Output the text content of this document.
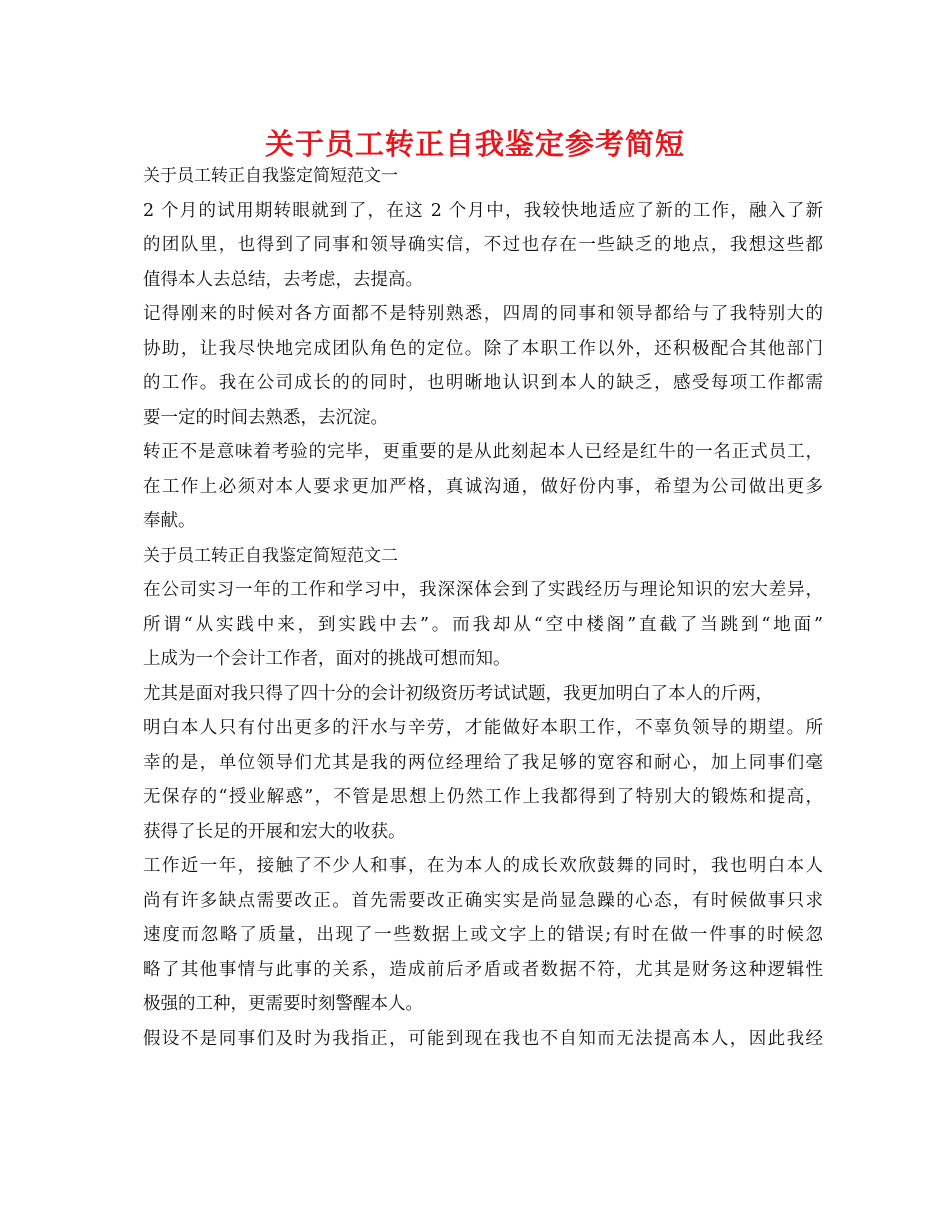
关于员工转正自我鉴定参考简短
关于员工转正自我鉴定简短范文一
2 个月的试用期转眼就到了，在这 2 个月中，我较快地适应了新的工作，融入了新
的团队里，也得到了同事和领导确实信，不过也存在一些缺乏的地点，我想这些都
值得本人去总结，去考虑，去提高。
记得刚来的时候对各方面都不是特别熟悉，四周的同事和领导都给与了我特别大的
协助，让我尽快地完成团队角色的定位。除了本职工作以外，还积极配合其他部门
的工作。我在公司成长的的同时，也明晰地认识到本人的缺乏，感受每项工作都需
要一定的时间去熟悉，去沉淀。
转正不是意味着考验的完毕，更重要的是从此刻起本人已经是红牛的一名正式员工，
在工作上必须对本人要求更加严格，真诚沟通，做好份内事，希望为公司做出更多
奉献。
关于员工转正自我鉴定简短范文二
在公司实习一年的工作和学习中，我深深体会到了实践经历与理论知识的宏大差异，
所谓“从实践中来，到实践中去”。而我却从“空中楼阁”直截了当跳到“地面”
上成为一个会计工作者，面对的挑战可想而知。
尤其是面对我只得了四十分的会计初级资历考试试题，我更加明白了本人的斤两，
明白本人只有付出更多的汗水与辛劳，才能做好本职工作，不辜负领导的期望。所
幸的是，单位领导们尤其是我的两位经理给了我足够的宽容和耐心，加上同事们毫
无保存的“授业解惑”，不管是思想上仍然工作上我都得到了特别大的锻炼和提高，
获得了长足的开展和宏大的收获。
工作近一年，接触了不少人和事，在为本人的成长欢欣鼓舞的同时，我也明白本人
尚有许多缺点需要改正。首先需要改正确实实是尚显急躁的心态，有时候做事只求
速度而忽略了质量，出现了一些数据上或文字上的错误;有时在做一件事的时候忽
略了其他事情与此事的关系，造成前后矛盾或者数据不符，尤其是财务这种逻辑性
极强的工种，更需要时刻警醒本人。
假设不是同事们及时为我指正，可能到现在我也不自知而无法提高本人，因此我经
